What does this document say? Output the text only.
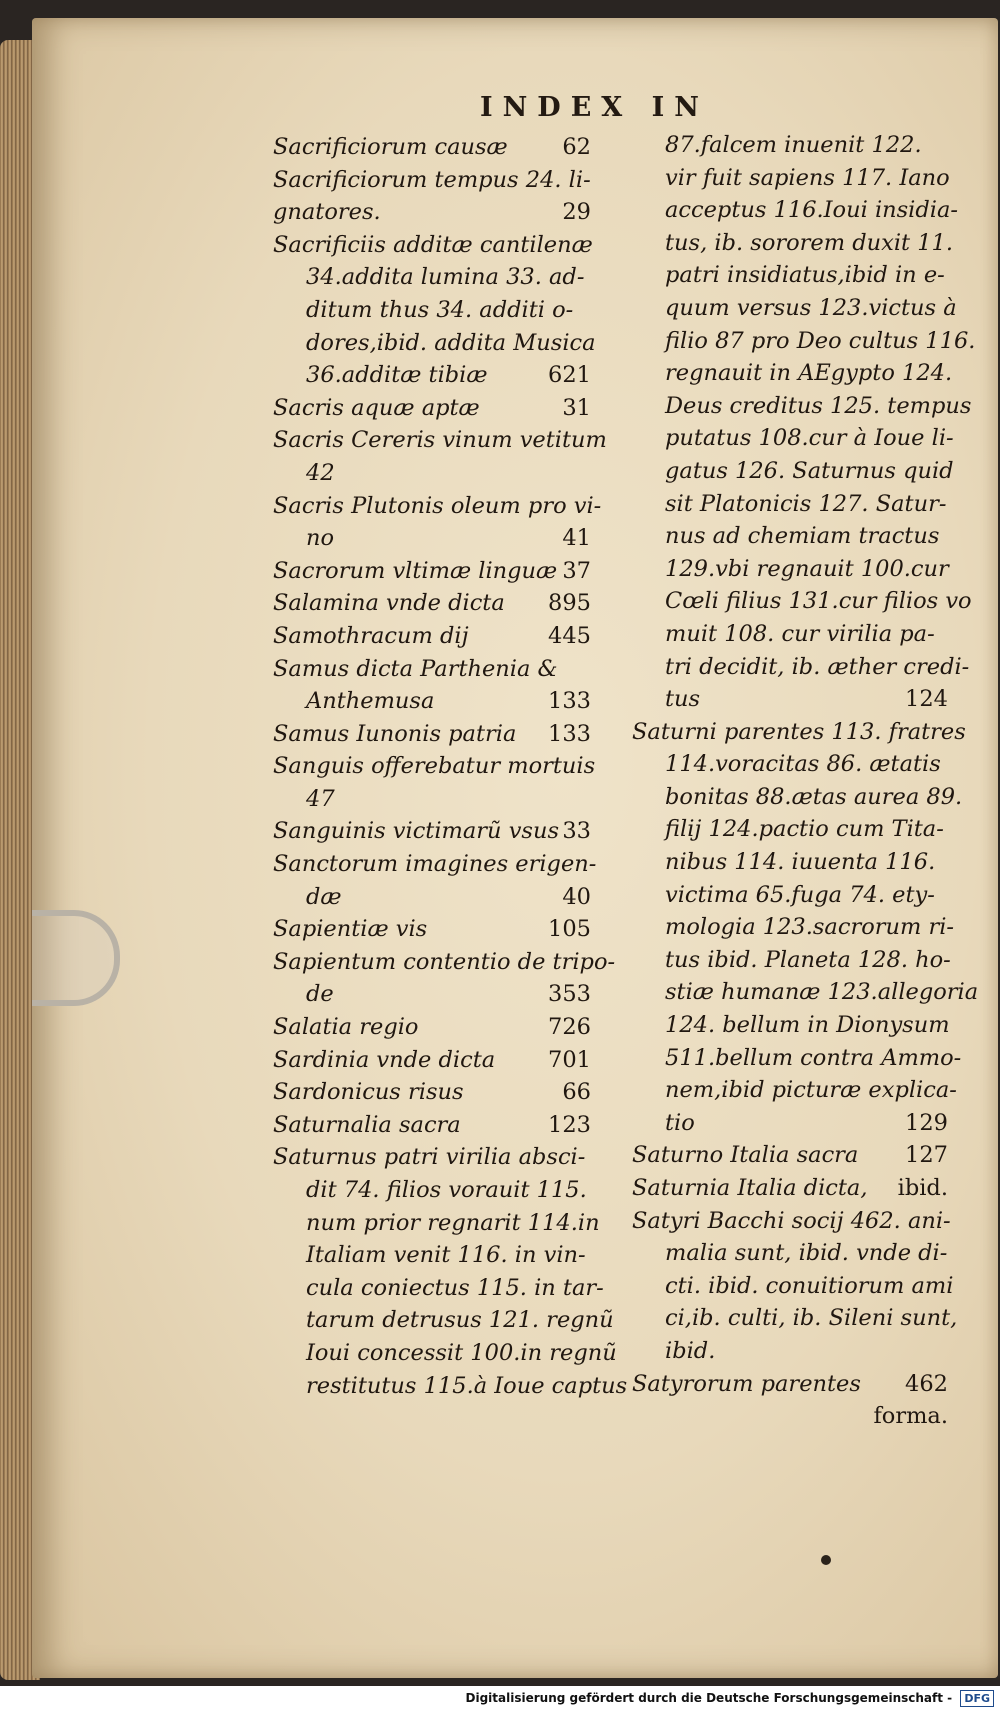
INDEX IN
Sacrificiorum causæ 62
Sacrificiorum tempus 24. li-
gnatores.	29
Sacrificiis additæ cantilenæ
34.addita lumina 33. ad-
ditum thus 34. additi o-
dores,ibid. addita Musica
36.additæ tibiæ	621
Sacris aquæ aptæ	31
Sacris Cereris vinum vetitum
42
Sacris Plutonis oleum pro vi-
no	41
Sacrorum vltimæ linguæ 37
Salamina vnde dicta 895
Samothracum dij	445
Samus dicta Parthenia &
Anthemusa	133
Samus Iunonis patria 133
Sanguis offerebatur mortuis
47
Sanguinis victimarũ vsus 33
Sanctorum imagines erigen-
dæ	40
Sapientiæ vis	105
Sapientum contentio de tripo-
de	353
Salatia regio	726
Sardinia vnde dicta 701
Sardonicus risus	66
Saturnalia sacra	123
Saturnus patri virilia absci-
dit 74. filios vorauit 115.
num prior regnarit 114.in
Italiam venit 116. in vin-
cula coniectus 115. in tar-
tarum detrusus 121. regnũ
Ioui concessit 100.in regnũ
restitutus 115.à Ioue captus
87.falcem inuenit 122.
vir fuit sapiens 117. Iano
acceptus 116.Ioui insidia-
tus, ib. sororem duxit 11.
patri insidiatus,ibid in e-
quum versus 123.victus à
filio 87 pro Deo cultus 116.
regnauit in AEgypto 124.
Deus creditus 125. tempus
putatus 108.cur à Ioue li-
gatus 126. Saturnus quid
sit Platonicis 127. Satur-
nus ad chemiam tractus
129.vbi regnauit 100.cur
Cœli filius 131.cur filios vo
muit 108. cur virilia pa-
tri decidit, ib. æther credi-
tus	124
Saturni parentes 113. fratres
114.voracitas 86. ætatis
bonitas 88.ætas aurea 89.
filij 124.pactio cum Tita-
nibus 114. iuuenta 116.
victima 65.fuga 74. ety-
mologia 123.sacrorum ri-
tus ibid. Planeta 128. ho-
stiæ humanæ 123.allegoria
124. bellum in Dionysum
511.bellum contra Ammo-
nem,ibid picturæ explica-
tio	129
Saturno Italia sacra 127
Saturnia Italia dicta, ibid.
Satyri Bacchi socij 462. ani-
malia sunt, ibid. vnde di-
cti. ibid. conuitiorum ami
ci,ib. culti, ib. Sileni sunt,
ibid.
Satyrorum parentes 462
forma.
Digitalisierung gefördert durch die Deutsche Forschungsgemeinschaft - DFG
